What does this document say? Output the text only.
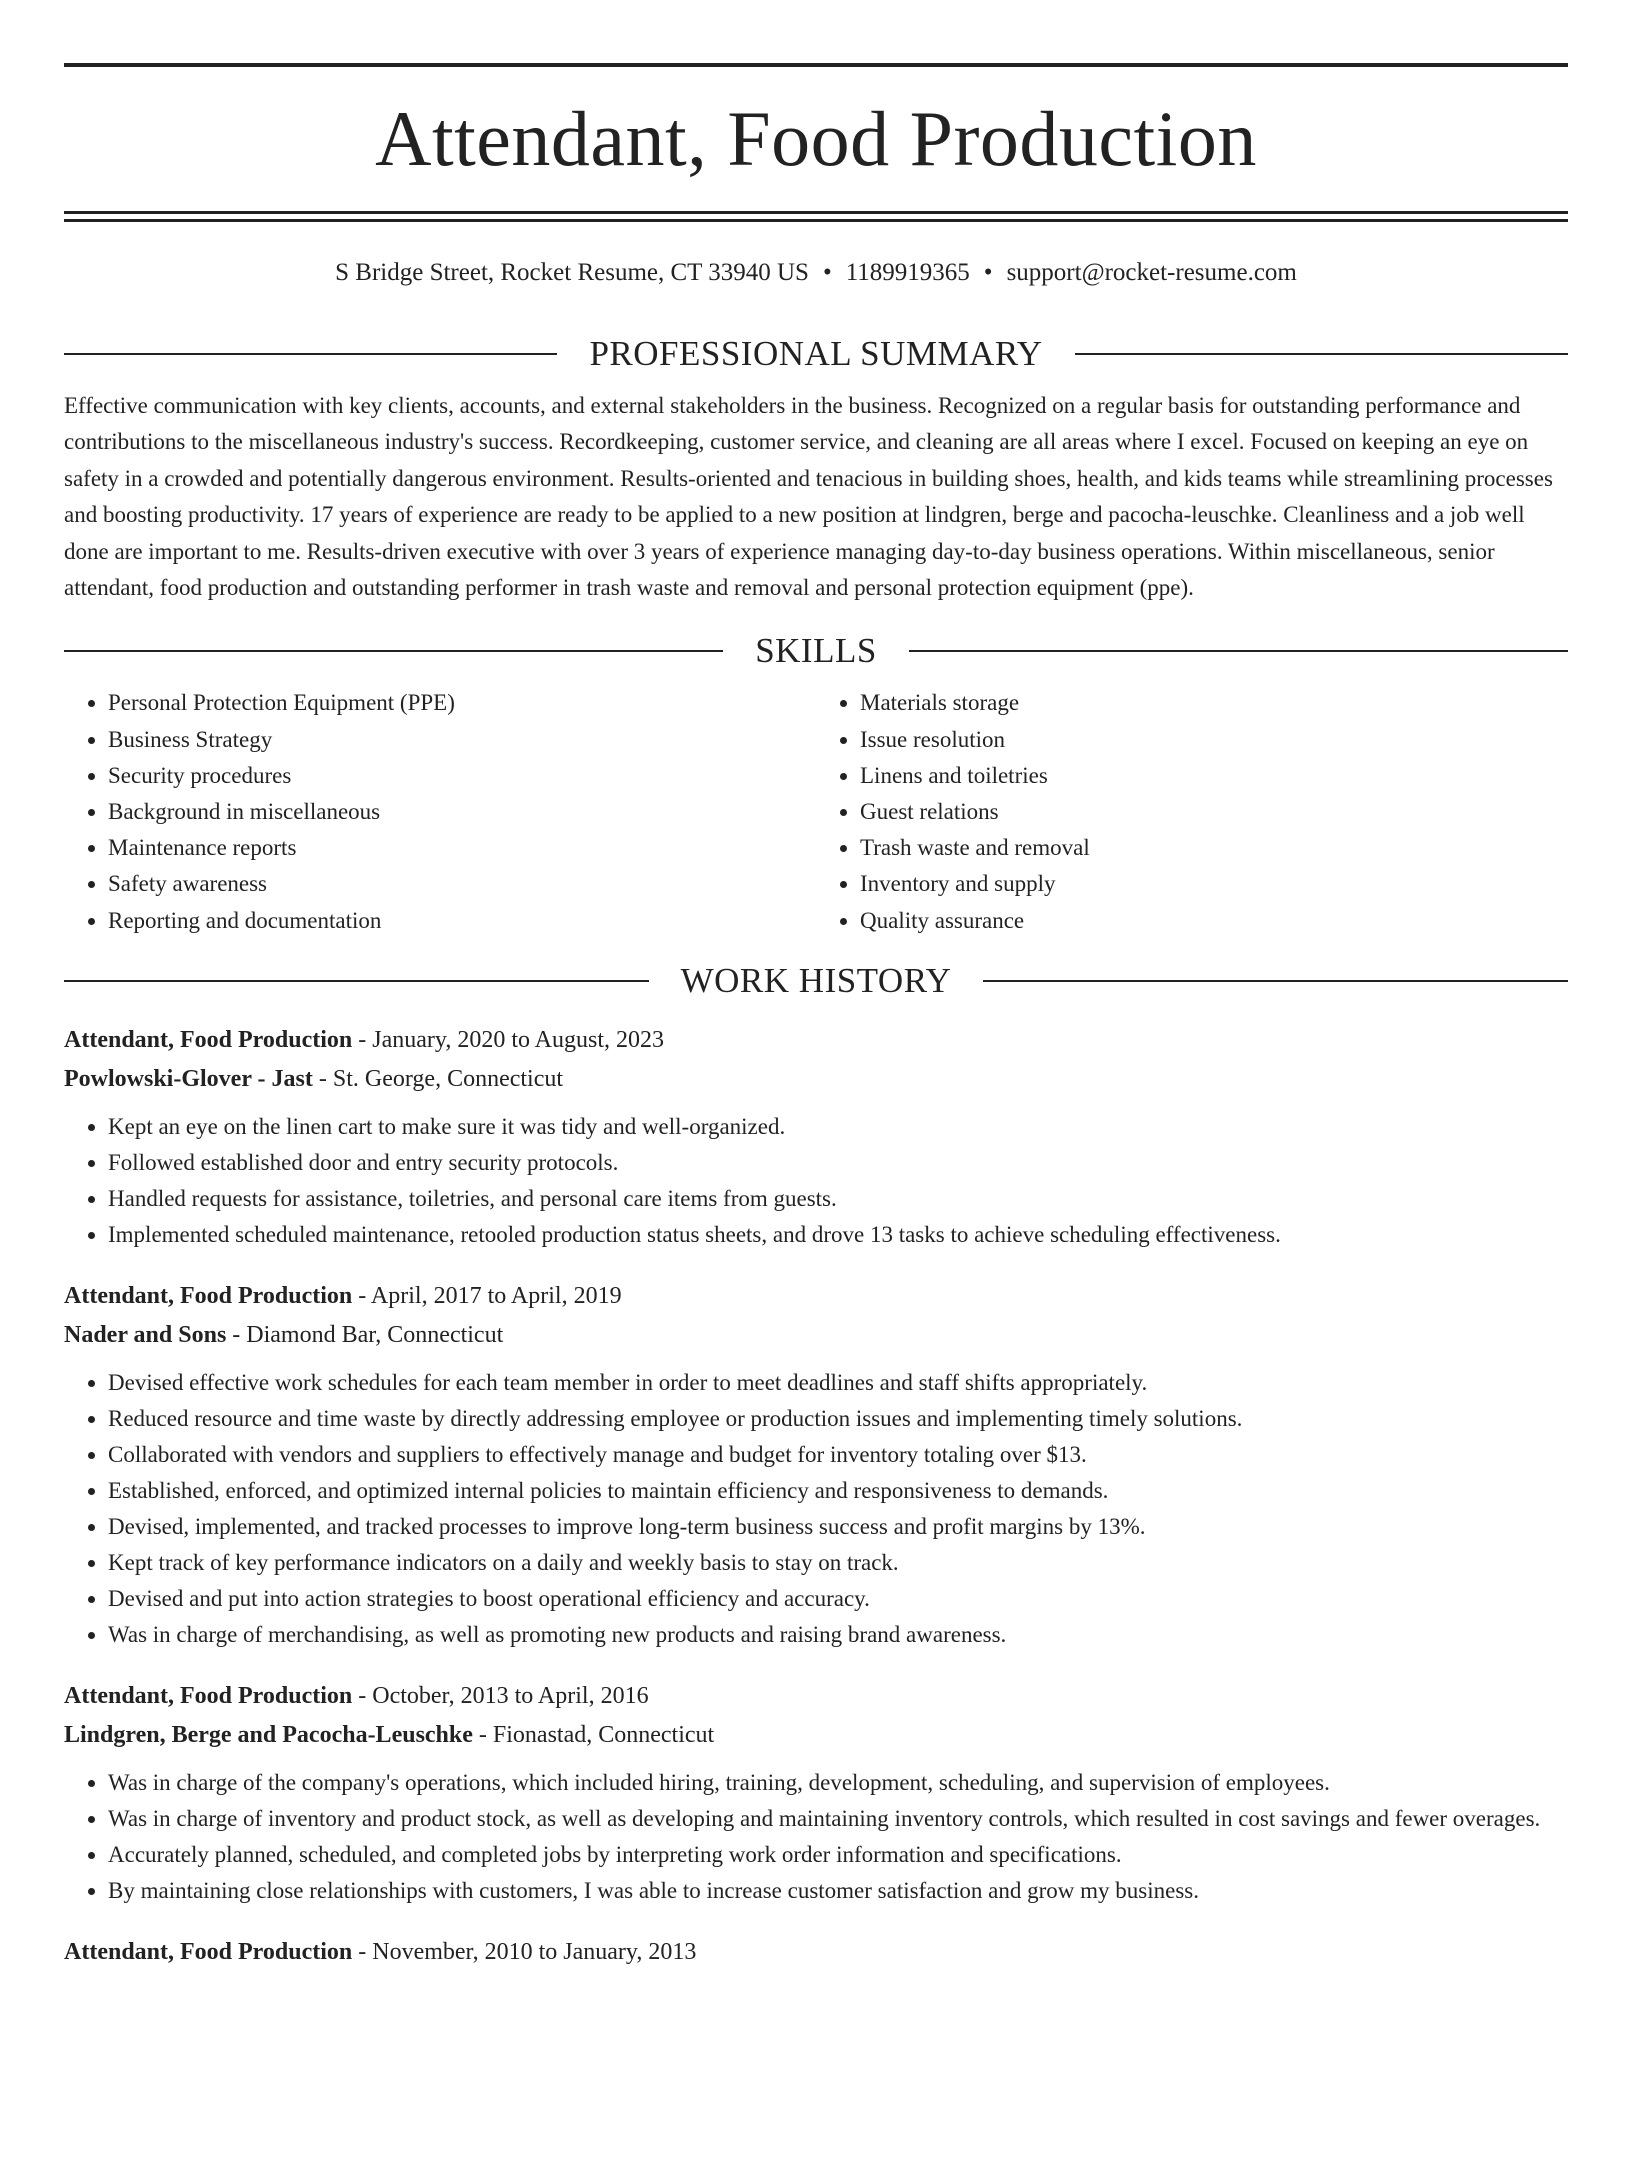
Attendant, Food Production
S Bridge Street, Rocket Resume, CT 33940 US • 1189919365 • support@rocket-resume.com
PROFESSIONAL SUMMARY

Effective communication with key clients, accounts, and external stakeholders in the business. Recognized on a regular basis for outstanding performance and contributions to the miscellaneous industry's success. Recordkeeping, customer service, and cleaning are all areas where I excel. Focused on keeping an eye on safety in a crowded and potentially dangerous environment. Results-oriented and tenacious in building shoes, health, and kids teams while streamlining processes and boosting productivity. 17 years of experience are ready to be applied to a new position at lindgren, berge and pacocha-leuschke. Cleanliness and a job well done are important to me. Results-driven executive with over 3 years of experience managing day-to-day business operations. Within miscellaneous, senior attendant, food production and outstanding performer in trash waste and removal and personal protection equipment (ppe).

SKILLS
• Personal Protection Equipment (PPE)
• Business Strategy
• Security procedures
• Background in miscellaneous
• Maintenance reports
• Safety awareness
• Reporting and documentation
• Materials storage
• Issue resolution
• Linens and toiletries
• Guest relations
• Trash waste and removal
• Inventory and supply
• Quality assurance
WORK HISTORY
Attendant, Food Production - January, 2020 to August, 2023
Powlowski-Glover - Jast - St. George, Connecticut
• Kept an eye on the linen cart to make sure it was tidy and well-organized.
• Followed established door and entry security protocols.
• Handled requests for assistance, toiletries, and personal care items from guests.
• Implemented scheduled maintenance, retooled production status sheets, and drove 13 tasks to achieve scheduling effectiveness.
Attendant, Food Production - April, 2017 to April, 2019
Nader and Sons - Diamond Bar, Connecticut
• Devised effective work schedules for each team member in order to meet deadlines and staff shifts appropriately.
• Reduced resource and time waste by directly addressing employee or production issues and implementing timely solutions.
• Collaborated with vendors and suppliers to effectively manage and budget for inventory totaling over $13.
• Established, enforced, and optimized internal policies to maintain efficiency and responsiveness to demands.
• Devised, implemented, and tracked processes to improve long-term business success and profit margins by 13%.
• Kept track of key performance indicators on a daily and weekly basis to stay on track.
• Devised and put into action strategies to boost operational efficiency and accuracy.
• Was in charge of merchandising, as well as promoting new products and raising brand awareness.
Attendant, Food Production - October, 2013 to April, 2016
Lindgren, Berge and Pacocha-Leuschke - Fionastad, Connecticut
• Was in charge of the company's operations, which included hiring, training, development, scheduling, and supervision of employees.
• Was in charge of inventory and product stock, as well as developing and maintaining inventory controls, which resulted in cost savings and fewer overages.
• Accurately planned, scheduled, and completed jobs by interpreting work order information and specifications.
• By maintaining close relationships with customers, I was able to increase customer satisfaction and grow my business.
Attendant, Food Production - November, 2010 to January, 2013
